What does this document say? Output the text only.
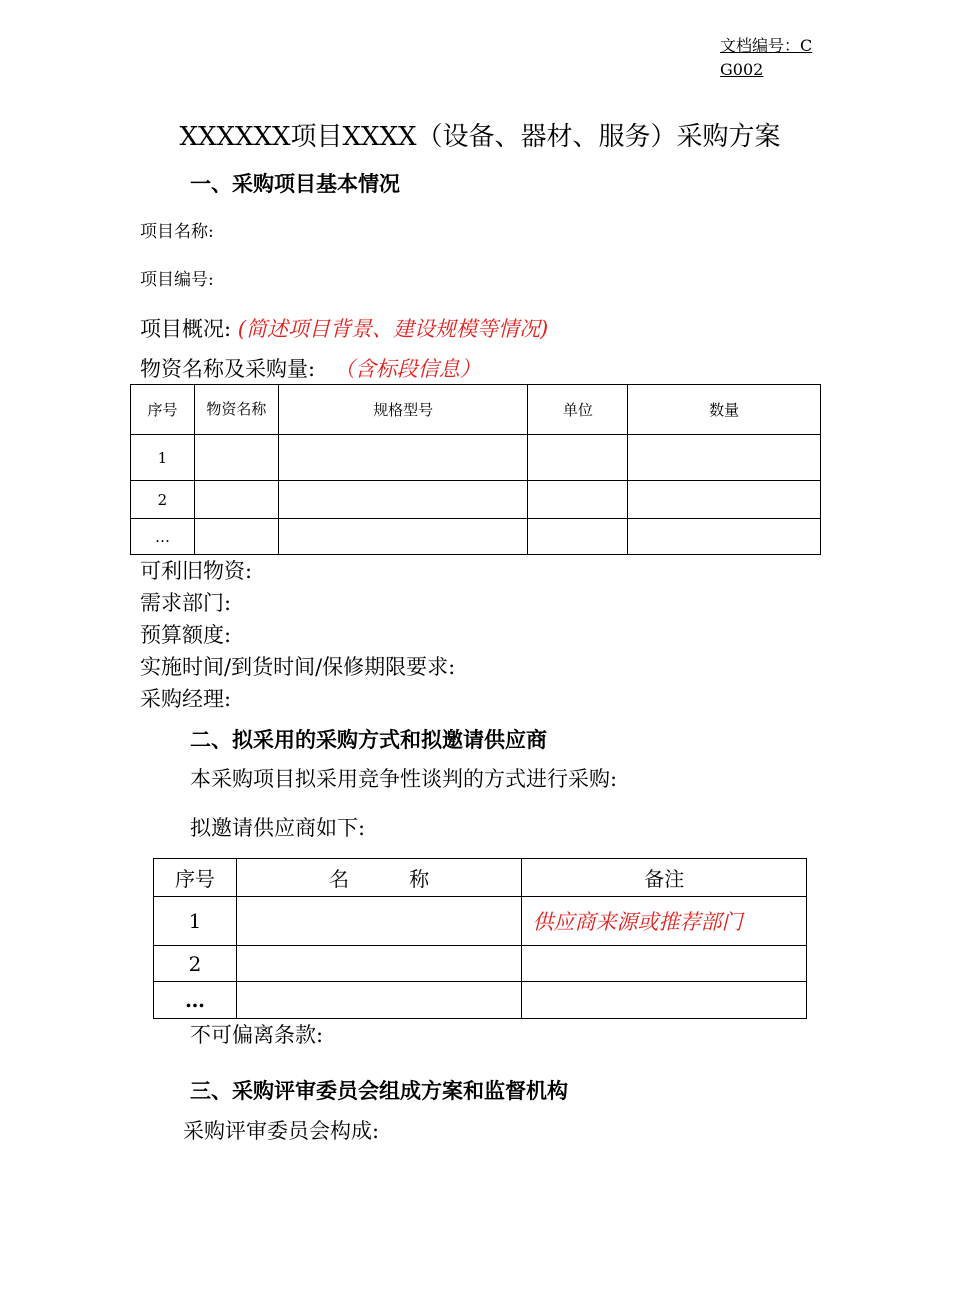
文档编号：CG002
XXXXXX项目XXXX（设备、器材、服务）采购方案
一、采购项目基本情况
项目名称:
项目编号:
项目概况: (简述项目背景、建设规模等情况)
物资名称及采购量: （含标段信息）
序号	物资名称	规格型号	单位	数量
1				
2				
…				
可利旧物资:
需求部门:
预算额度:
实施时间/到货时间/保修期限要求:
采购经理:
二、拟采用的采购方式和拟邀请供应商
本采购项目拟采用竞争性谈判的方式进行采购:
拟邀请供应商如下:
序号	名　　　称	备注
1		供应商来源或推荐部门
2		
…		
不可偏离条款:
三、采购评审委员会组成方案和监督机构
采购评审委员会构成:
